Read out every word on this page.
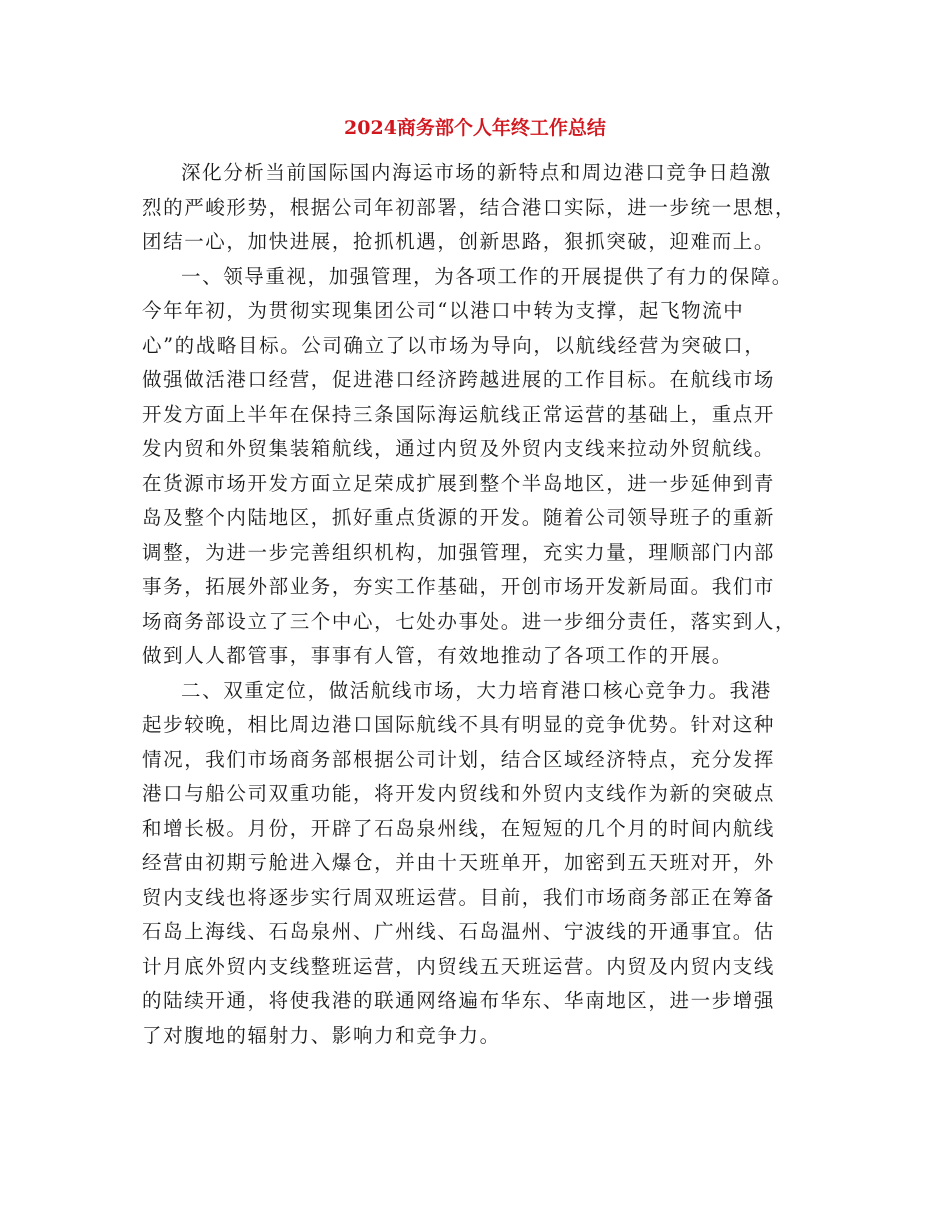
2024商务部个人年终工作总结

深化分析当前国际国内海运市场的新特点和周边港口竞争日趋激
烈的严峻形势，根据公司年初部署，结合港口实际，进一步统一思想，
团结一心，加快进展，抢抓机遇，创新思路，狠抓突破，迎难而上。

一、领导重视，加强管理，为各项工作的开展提供了有力的保障。
今年年初，为贯彻实现集团公司“以港口中转为支撑，起飞物流中
心”的战略目标。公司确立了以市场为导向，以航线经营为突破口，
做强做活港口经营，促进港口经济跨越进展的工作目标。在航线市场
开发方面上半年在保持三条国际海运航线正常运营的基础上，重点开
发内贸和外贸集装箱航线，通过内贸及外贸内支线来拉动外贸航线。
在货源市场开发方面立足荣成扩展到整个半岛地区，进一步延伸到青
岛及整个内陆地区，抓好重点货源的开发。随着公司领导班子的重新
调整，为进一步完善组织机构，加强管理，充实力量，理顺部门内部
事务，拓展外部业务，夯实工作基础，开创市场开发新局面。我们市
场商务部设立了三个中心，七处办事处。进一步细分责任，落实到人，
做到人人都管事，事事有人管，有效地推动了各项工作的开展。

二、双重定位，做活航线市场，大力培育港口核心竞争力。我港
起步较晚，相比周边港口国际航线不具有明显的竞争优势。针对这种
情况，我们市场商务部根据公司计划，结合区域经济特点，充分发挥
港口与船公司双重功能，将开发内贸线和外贸内支线作为新的突破点
和增长极。月份，开辟了石岛泉州线，在短短的几个月的时间内航线
经营由初期亏舱进入爆仓，并由十天班单开，加密到五天班对开，外
贸内支线也将逐步实行周双班运营。目前，我们市场商务部正在筹备
石岛上海线、石岛泉州、广州线、石岛温州、宁波线的开通事宜。估
计月底外贸内支线整班运营，内贸线五天班运营。内贸及内贸内支线
的陆续开通，将使我港的联通网络遍布华东、华南地区，进一步增强
了对腹地的辐射力、影响力和竞争力。
